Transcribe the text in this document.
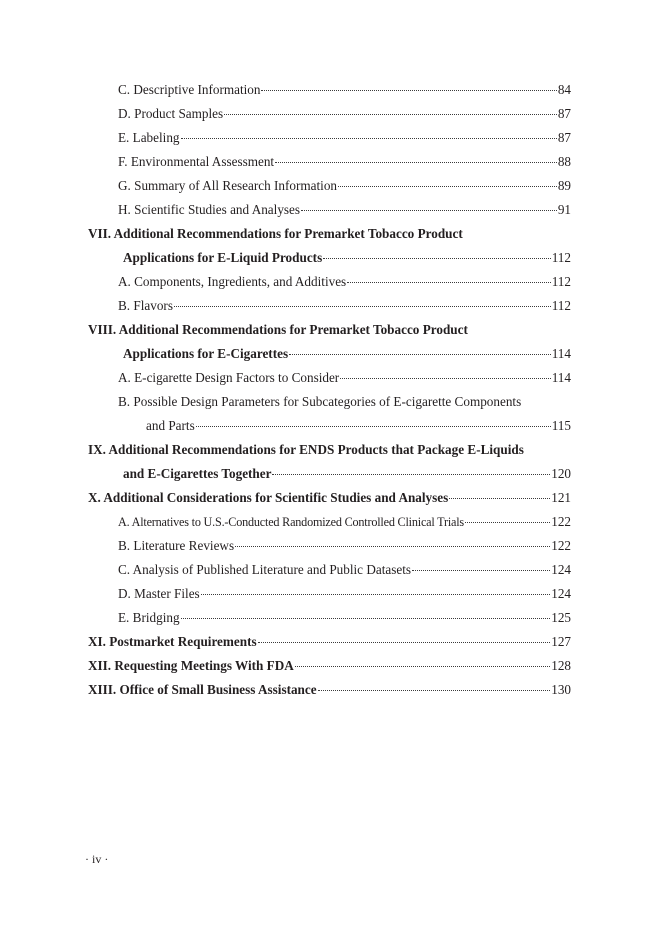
C. Descriptive Information	84
D. Product Samples	87
E. Labeling	87
F. Environmental Assessment	88
G. Summary of All Research Information	89
H. Scientific Studies and Analyses	91
VII. Additional Recommendations for Premarket Tobacco Product
Applications for E-Liquid Products	112
A. Components, Ingredients, and Additives	112
B. Flavors	112
VIII. Additional Recommendations for Premarket Tobacco Product
Applications for E-Cigarettes	114
A. E-cigarette Design Factors to Consider	114
B. Possible Design Parameters for Subcategories of E-cigarette Components
and Parts	115
IX. Additional Recommendations for ENDS Products that Package E-Liquids
and E-Cigarettes Together	120
X. Additional Considerations for Scientific Studies and Analyses	121
A. Alternatives to U.S.-Conducted Randomized Controlled Clinical Trials	122
B. Literature Reviews	122
C. Analysis of Published Literature and Public Datasets	124
D. Master Files	124
E. Bridging	125
XI. Postmarket Requirements	127
XII. Requesting Meetings With FDA	128
XIII. Office of Small Business Assistance	130
· iv ·
